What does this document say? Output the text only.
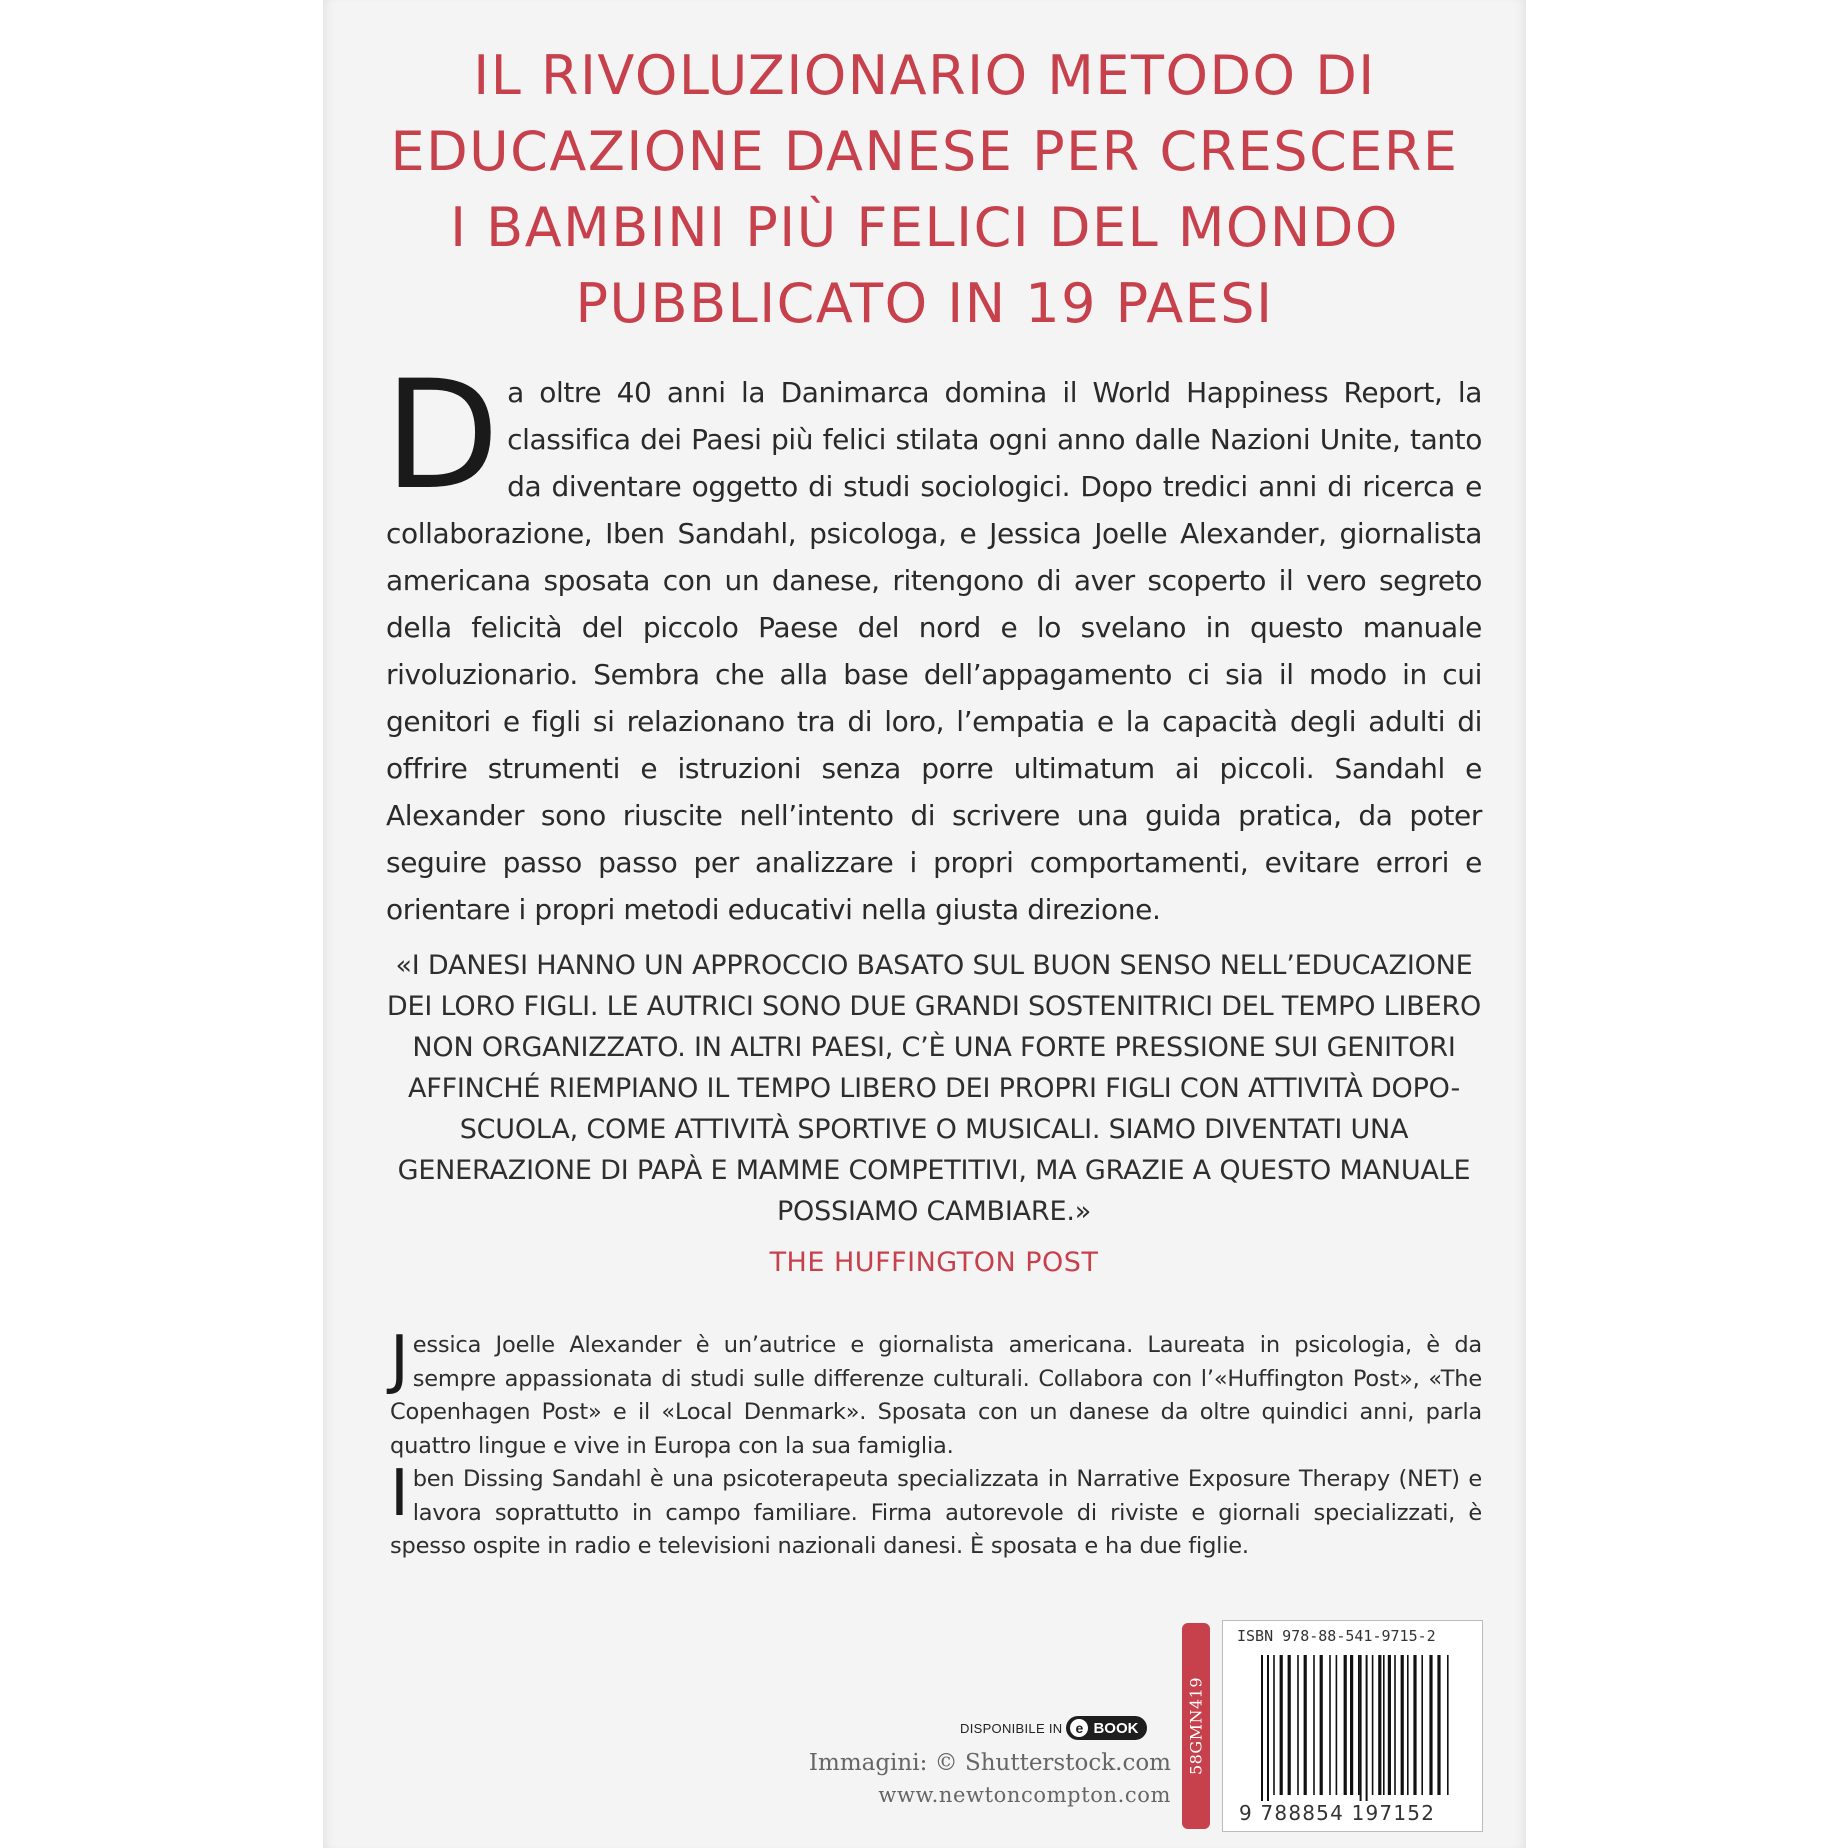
IL RIVOLUZIONARIO METODO DI
EDUCAZIONE DANESE PER CRESCERE
I BAMBINI PIÙ FELICI DEL MONDO
PUBBLICATO IN 19 PAESI
D a oltre 40 anni la Danimarca domina il World Happiness Report, la classifica dei Paesi più felici stilata ogni anno dalle Nazioni Unite, tanto da diventare oggetto di studi sociologici. Dopo tredici anni di ricerca e collaborazione, Iben Sandahl, psicologa, e Jessica Joelle Alexander, giornalista americana sposata con un danese, ritengono di aver scoperto il vero segreto della felicità del piccolo Paese del nord e lo svelano in questo manuale rivoluzionario. Sembra che alla base dell’appagamento ci sia il modo in cui genitori e figli si relazionano tra di loro, l’empatia e la capacità degli adulti di offrire strumenti e istruzioni senza porre ultimatum ai piccoli. Sandahl e Alexander sono riuscite nell’intento di scrivere una guida pratica, da poter seguire passo passo per analizzare i propri comportamenti, evitare errori e orientare i propri metodi educativi nella giusta direzione.
«I DANESI HANNO UN APPROCCIO BASATO SUL BUON SENSO NELL’EDUCAZIONE DEI LORO FIGLI. LE AUTRICI SONO DUE GRANDI SOSTENITRICI DEL TEMPO LIBERO NON ORGANIZZATO. IN ALTRI PAESI, C’È UNA FORTE PRESSIONE SUI GENITORI AFFINCHÉ RIEMPIANO IL TEMPO LIBERO DEI PROPRI FIGLI CON ATTIVITÀ DOPO-SCUOLA, COME ATTIVITÀ SPORTIVE O MUSICALI. SIAMO DIVENTATI UNA GENERAZIONE DI PAPÀ E MAMME COMPETITIVI, MA GRAZIE A QUESTO MANUALE POSSIAMO CAMBIARE.»
THE HUFFINGTON POST
J essica Joelle Alexander è un’autrice e giornalista americana. Laureata in psicologia, è da sempre appassionata di studi sulle differenze culturali. Collabora con l’«Huffington Post», «The Copenhagen Post» e il «Local Denmark». Sposata con un danese da oltre quindici anni, parla quattro lingue e vive in Europa con la sua famiglia.
I ben Dissing Sandahl è una psicoterapeuta specializzata in Narrative Exposure Therapy (NET) e lavora soprattutto in campo familiare. Firma autorevole di riviste e giornali specializzati, è spesso ospite in radio e televisioni nazionali danesi. È sposata e ha due figlie.
DISPONIBILE IN e BOOK
Immagini: © Shutterstock.com
www.newtoncompton.com
58GMN419
ISBN 978-88-541-9715-2
9 788854 197152
